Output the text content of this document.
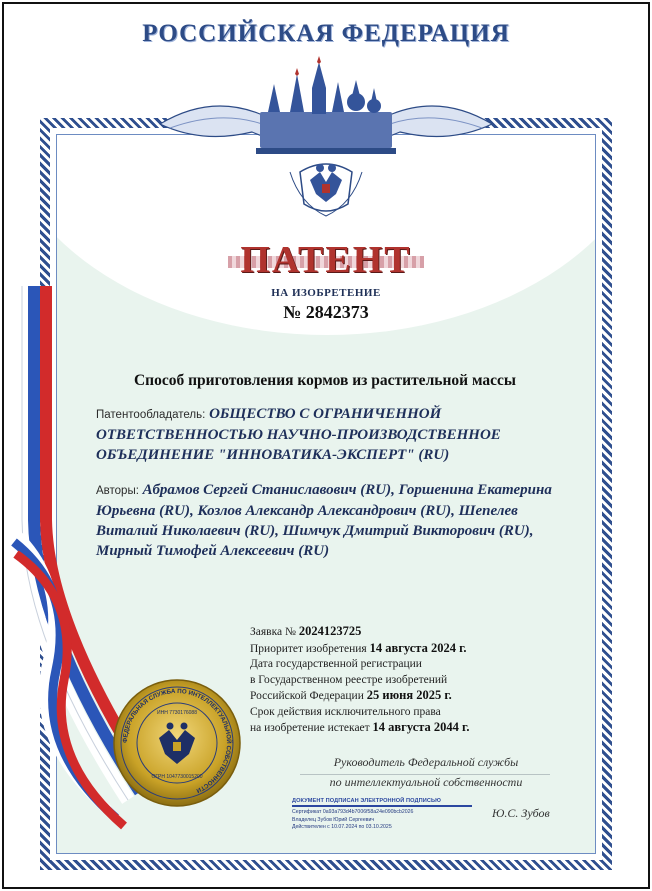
РОССИЙСКАЯ ФЕДЕРАЦИЯ
ПАТЕНТ
НА ИЗОБРЕТЕНИЕ
№ 2842373
Способ приготовления кормов из растительной массы
Патентообладатель: ОБЩЕСТВО С ОГРАНИЧЕННОЙ ОТВЕТСТВЕННОСТЬЮ НАУЧНО-ПРОИЗВОДСТВЕННОЕ ОБЪЕДИНЕНИЕ "ИННОВАТИКА-ЭКСПЕРТ" (RU)
Авторы: Абрамов Сергей Станиславович (RU), Горшенина Екатерина Юрьевна (RU), Козлов Александр Александрович (RU), Шепелев Виталий Николаевич (RU), Шимчук Дмитрий Викторович (RU), Мирный Тимофей Алексеевич (RU)
Заявка № 2024123725
Приоритет изобретения 14 августа 2024 г.
Дата государственной регистрации
в Государственном реестре изобретений
Российской Федерации 25 июня 2025 г.
Срок действия исключительного права
на изобретение истекает 14 августа 2044 г.
Руководитель Федеральной службы
по интеллектуальной собственности
ДОКУМЕНТ ПОДПИСАН ЭЛЕКТРОННОЙ ПОДПИСЬЮ
Сертификат 0a93a793d4b7006f58a24e090bcb2026
Владелец Зубов Юрий Сергеевич
Действителен с 10.07.2024 по 03.10.2025
Ю.С. Зубов
ФЕДЕРАЛЬНАЯ СЛУЖБА ПО ИНТЕЛЛЕКТУАЛЬНОЙ СОБСТВЕННОСТИ
ИНН 7730176088
ОГРН 1047730015200
